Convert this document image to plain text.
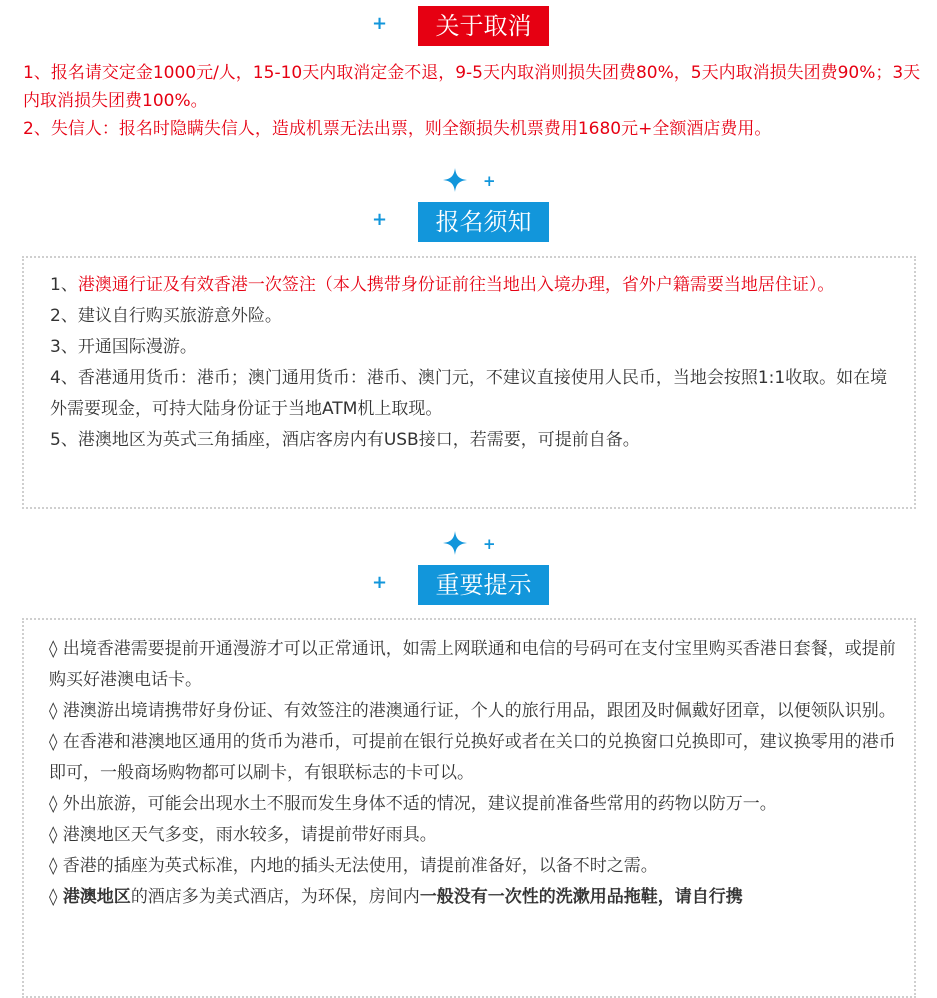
+	关于取消

1、报名请交定金1000元/人，15-10天内取消定金不退，9-5天内取消则损失团费80%，5天内取消损失团费90%；3天内取消损失团费100%。

2、失信人：报名时隐瞒失信人，造成机票无法出票，则全额损失机票费用1680元+全额酒店费用。

+
+	报名须知

1、港澳通行证及有效香港一次签注（本人携带身份证前往当地出入境办理，省外户籍需要当地居住证）。

2、建议自行购买旅游意外险。

3、开通国际漫游。

4、香港通用货币：港币；澳门通用货币：港币、澳门元，不建议直接使用人民币，当地会按照1:1收取。如在境外需要现金，可持大陆身份证于当地ATM机上取现。

5、港澳地区为英式三角插座，酒店客房内有USB接口，若需要，可提前自备。

+
+	重要提示

◊ 出境香港需要提前开通漫游才可以正常通讯，如需上网联通和电信的号码可在支付宝里购买香港日套餐，或提前购买好港澳电话卡。

◊ 港澳游出境请携带好身份证、有效签注的港澳通行证，个人的旅行用品，跟团及时佩戴好团章，以便领队识别。

◊ 在香港和港澳地区通用的货币为港币，可提前在银行兑换好或者在关口的兑换窗口兑换即可，建议换零用的港币即可，一般商场购物都可以刷卡，有银联标志的卡可以。

◊ 外出旅游，可能会出现水土不服而发生身体不适的情况，建议提前准备些常用的药物以防万一。

◊ 港澳地区天气多变，雨水较多，请提前带好雨具。

◊ 香港的插座为英式标准，内地的插头无法使用，请提前准备好，以备不时之需。

◊ 港澳地区的酒店多为美式酒店，为环保，房间内一般没有一次性的洗漱用品拖鞋，请自行携
